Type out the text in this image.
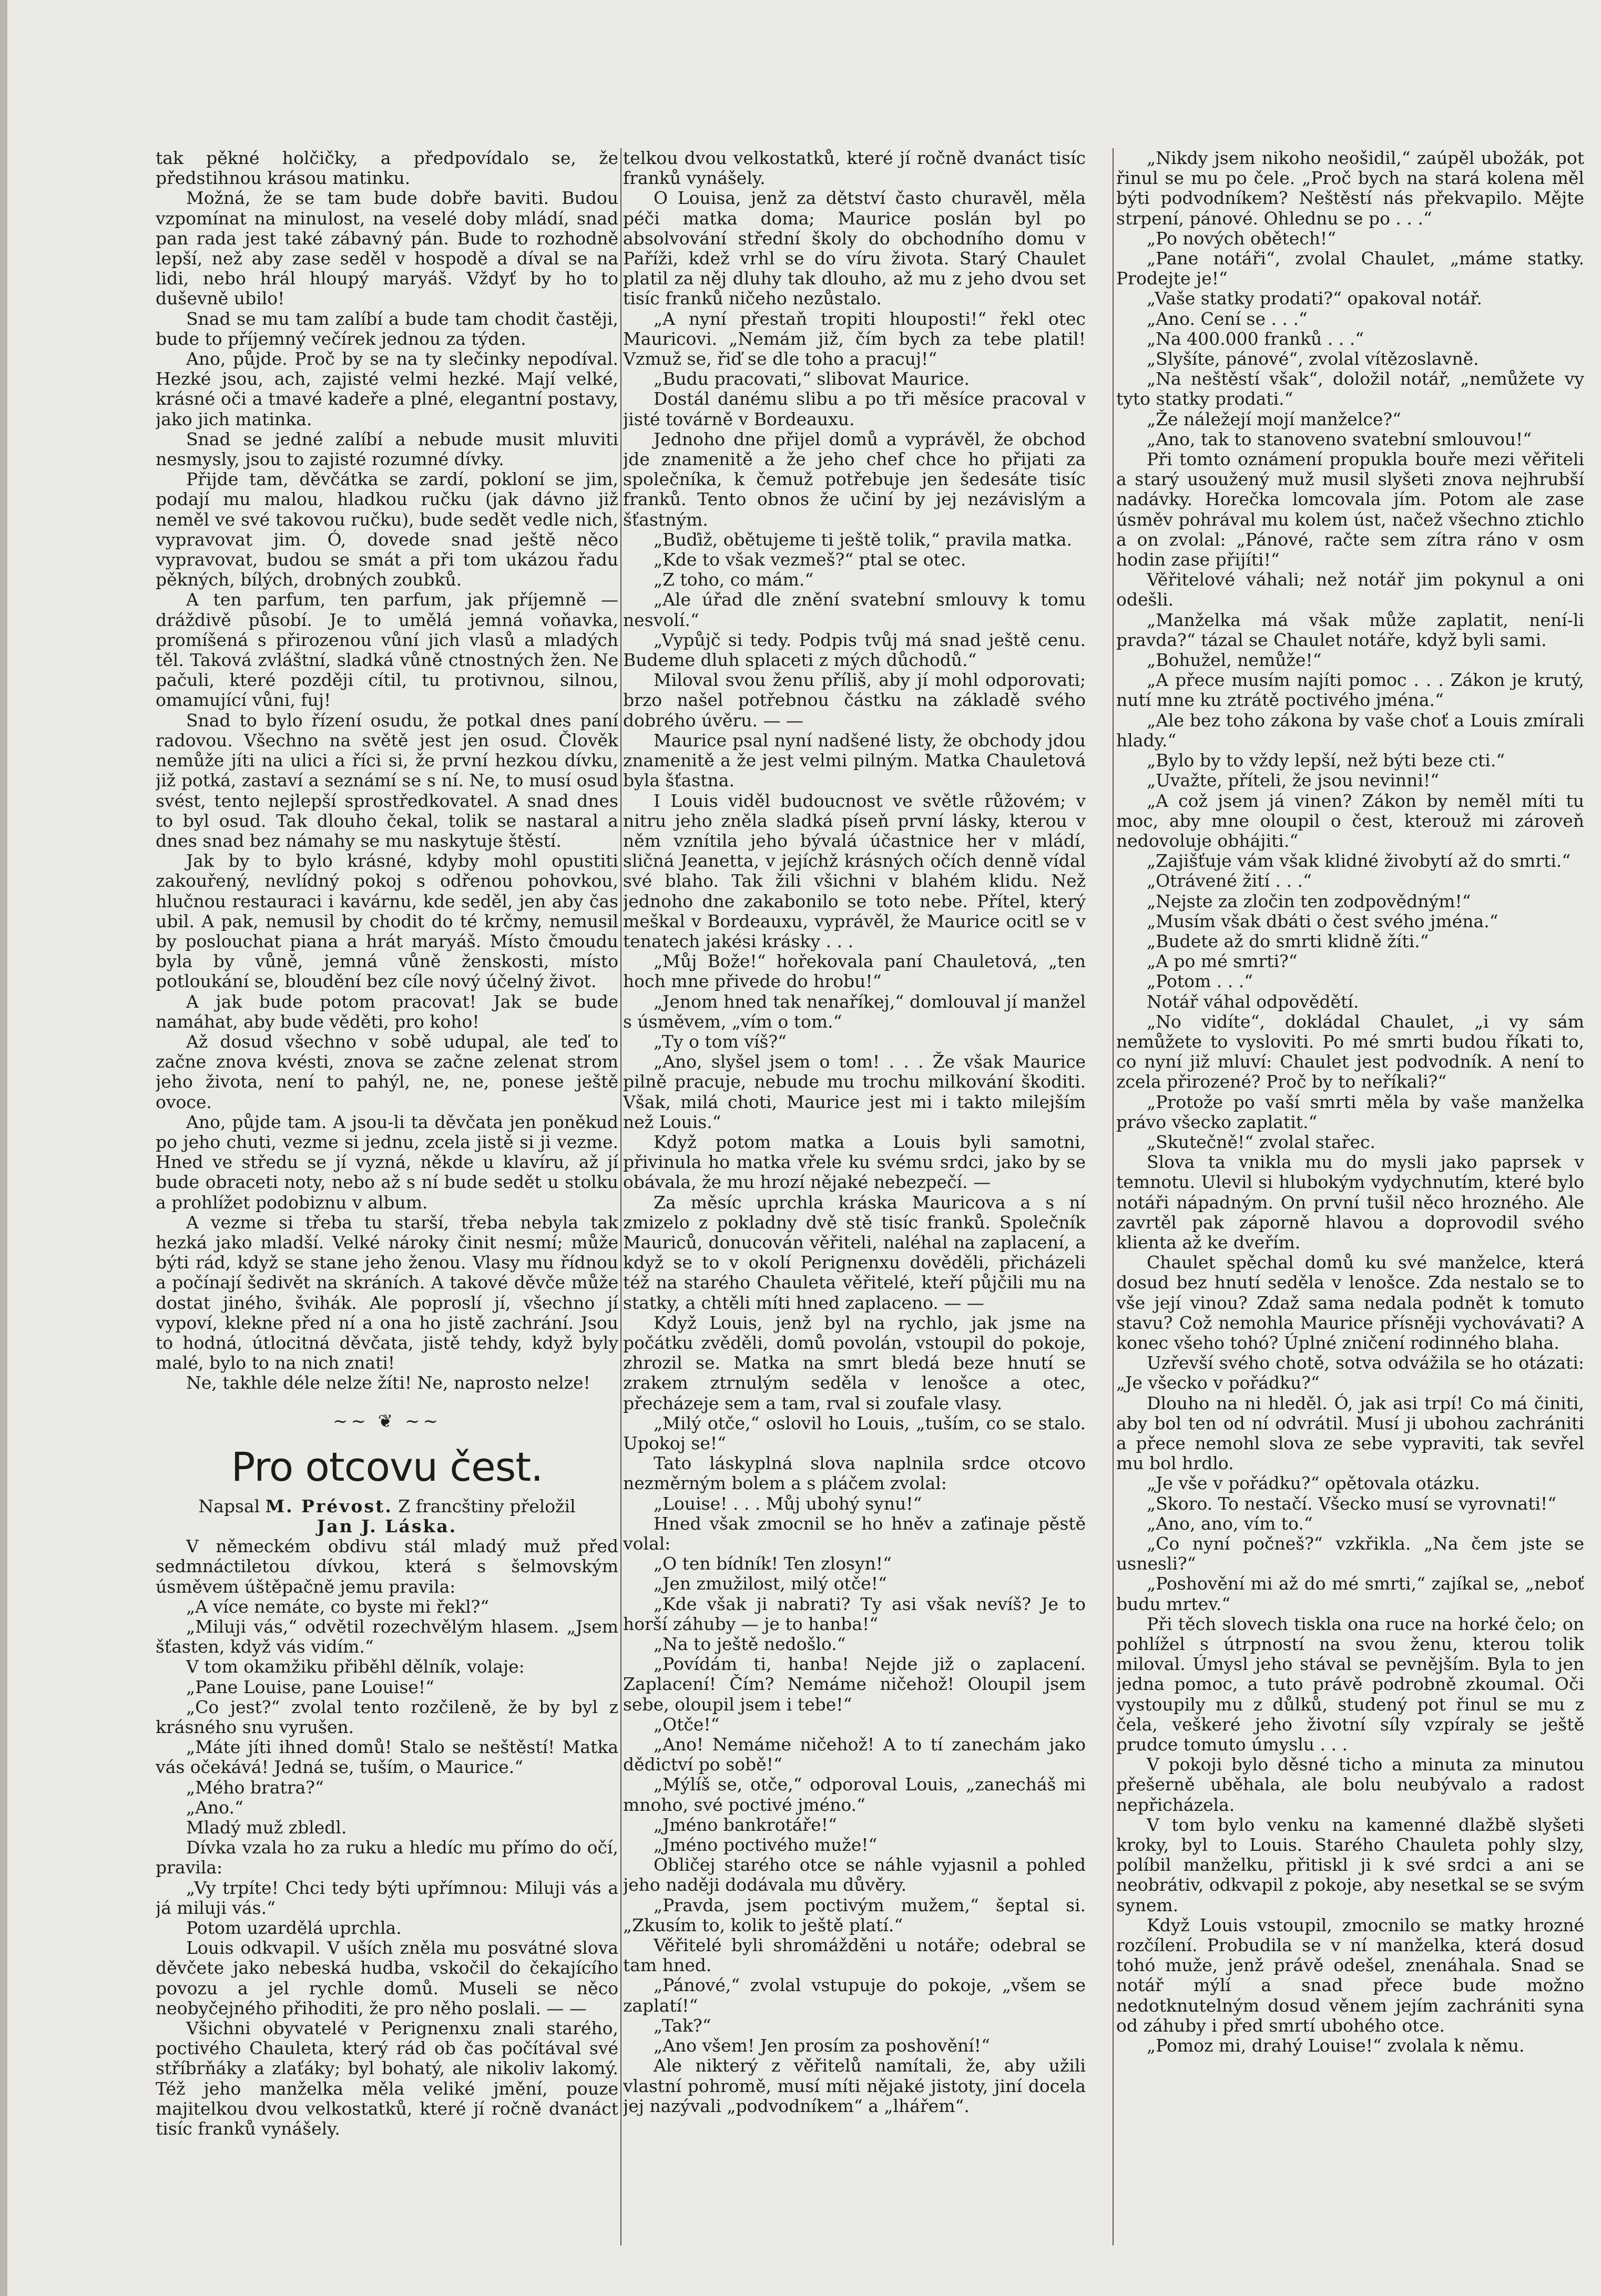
tak pěkné holčičky, a předpovídalo se, že předstihnou krásou matinku.

Možná, že se tam bude dobře baviti. Budou vzpomínat na minulost, na veselé doby mládí, snad pan rada jest také zábavný pán. Bude to rozhodně lepší, než aby zase seděl v hospodě a díval se na lidi, nebo hrál hloupý maryáš. Vždyť by ho to duševně ubilo!

Snad se mu tam zalíbí a bude tam chodit častěji, bude to příjemný večírek jednou za týden.

Ano, půjde. Proč by se na ty slečinky nepodíval. Hezké jsou, ach, zajisté velmi hezké. Mají velké, krásné oči a tmavé kadeře a plné, elegantní postavy, jako jich matinka.

Snad se jedné zalíbí a nebude musit mluviti nesmysly, jsou to zajisté rozumné dívky.

Přijde tam, děvčátka se zardí, pokloní se jim, podají mu malou, hladkou ručku (jak dávno již neměl ve své takovou ručku), bude sedět vedle nich, vypravovat jim. Ó, dovede snad ještě něco vypravovat, budou se smát a při tom ukázou řadu pěkných, bílých, drobných zoubků.

A ten parfum, ten parfum, jak příjemně — dráždivě působí. Je to umělá jemná voňavka, promíšená s přirozenou vůní jich vlasů a mladých těl. Taková zvláštní, sladká vůně ctnostných žen. Ne pačuli, které později cítil, tu protivnou, silnou, omamující vůni, fuj!

Snad to bylo řízení osudu, že potkal dnes paní radovou. Všechno na světě jest jen osud. Člověk nemůže jíti na ulici a říci si, že první hezkou dívku, již potká, zastaví a seznámí se s ní. Ne, to musí osud svést, tento nejlepší sprostředkovatel. A snad dnes to byl osud. Tak dlouho čekal, tolik se nastaral a dnes snad bez námahy se mu naskytuje štěstí.

Jak by to bylo krásné, kdyby mohl opustiti zakouřený, nevlídný pokoj s odřenou pohovkou, hlučnou restauraci i kavárnu, kde seděl, jen aby čas ubil. A pak, nemusil by chodit do té krčmy, nemusil by poslouchat piana a hrát maryáš. Místo čmoudu byla by vůně, jemná vůně ženskosti, místo potloukání se, bloudění bez cíle nový účelný život.

A jak bude potom pracovat! Jak se bude namáhat, aby bude věděti, pro koho!

Až dosud všechno v sobě udupal, ale teď to začne znova kvésti, znova se začne zelenat strom jeho života, není to pahýl, ne, ne, ponese ještě ovoce.

Ano, půjde tam. A jsou-li ta děvčata jen poněkud po jeho chuti, vezme si jednu, zcela jistě si ji vezme. Hned ve středu se jí vyzná, někde u klavíru, až jí bude obraceti noty, nebo až s ní bude sedět u stolku a prohlížet podobiznu v album.

A vezme si třeba tu starší, třeba nebyla tak hezká jako mladší. Velké nároky činit nesmí; může býti rád, když se stane jeho ženou. Vlasy mu řídnou a počínají šedivět na skráních. A takové děvče může dostat jiného, švihák. Ale poproslí jí, všechno jí vypoví, klekne před ní a ona ho jistě zachrání. Jsou to hodná, útlocitná děvčata, jistě tehdy, když byly malé, bylo to na nich znati!

Ne, takhle déle nelze žíti! Ne, naprosto nelze!

~~ ❦ ~~
Pro otcovu čest.

Napsal M. Prévost. Z francštiny přeložil
Jan J. Láska.

V německém obdivu stál mladý muž před sedmnáctiletou dívkou, která s šelmovským úsměvem úštěpačně jemu pravila:

„A více nemáte, co byste mi řekl?“

„Miluji vás,“ odvětil rozechvělým hlasem. „Jsem šťasten, když vás vidím.“

V tom okamžiku přiběhl dělník, volaje:

„Pane Louise, pane Louise!“

„Co jest?“ zvolal tento rozčileně, že by byl z krásného snu vyrušen.

„Máte jíti ihned domů! Stalo se neštěstí! Matka vás očekává! Jedná se, tuším, o Maurice.“

„Mého bratra?“

„Ano.“

Mladý muž zbledl.

Dívka vzala ho za ruku a hledíc mu přímo do očí, pravila:

„Vy trpíte! Chci tedy býti upřímnou: Miluji vás a já miluji vás.“

Potom uzardělá uprchla.

Louis odkvapil. V uších zněla mu posvátné slova děvčete jako nebeská hudba, vskočil do čekajícího povozu a jel rychle domů. Museli se něco neobyčejného přihoditi, že pro něho poslali. — —

Všichni obyvatelé v Perignenxu znali starého, poctivého Chauleta, který rád ob čas počítával své stříbrňáky a zlaťáky; byl bohatý, ale nikoliv lakomý. Též jeho manželka měla veliké jmění, pouze majitelkou dvou velkostatků, které jí ročně dvanáct tisíc franků vynášely.

telkou dvou velkostatků, které jí ročně dvanáct tisíc franků vynášely.

O Louisa, jenž za dětství často churavěl, měla péči matka doma; Maurice poslán byl po absolvování střední školy do obchodního domu v Paříži, kdež vrhl se do víru života. Starý Chaulet platil za něj dluhy tak dlouho, až mu z jeho dvou set tisíc franků ničeho nezůstalo.

„A nyní přestaň tropiti hlouposti!“ řekl otec Mauricovi. „Nemám již, čím bych za tebe platil! Vzmuž se, řiď se dle toho a pracuj!“

„Budu pracovati,“ slibovat Maurice.

Dostál danému slibu a po tři měsíce pracoval v jisté továrně v Bordeauxu.

Jednoho dne přijel domů a vyprávěl, že obchod jde znamenitě a že jeho chef chce ho přijati za společníka, k čemuž potřebuje jen šedesáte tisíc franků. Tento obnos že učiní by jej nezávislým a šťastným.

„Buďiž, obětujeme ti ještě tolik,“ pravila matka.

„Kde to však vezmeš?“ ptal se otec.

„Z toho, co mám.“

„Ale úřad dle znění svatební smlouvy k tomu nesvolí.“

„Vypůjč si tedy. Podpis tvůj má snad ještě cenu. Budeme dluh splaceti z mých důchodů.“

Miloval svou ženu příliš, aby jí mohl odporovati; brzo našel potřebnou částku na základě svého dobrého úvěru. — —

Maurice psal nyní nadšené listy, že obchody jdou znamenitě a že jest velmi pilným. Matka Chauletová byla šťastna.

I Louis viděl budoucnost ve světle růžovém; v nitru jeho zněla sladká píseň první lásky, kterou v něm vznítila jeho bývalá účastnice her v mládí, sličná Jeanetta, v jejíchž krásných očích denně vídal své blaho. Tak žili všichni v blahém klidu. Než jednoho dne zakabonilo se toto nebe. Přítel, který meškal v Bordeauxu, vyprávěl, že Maurice ocitl se v tenatech jakési krásky . . .

„Můj Bože!“ hořekovala paní Chauletová, „ten hoch mne přivede do hrobu!“

„Jenom hned tak nenaříkej,“ domlouval jí manžel s úsměvem, „vím o tom.“

„Ty o tom víš?“

„Ano, slyšel jsem o tom! . . . Že však Maurice pilně pracuje, nebude mu trochu milkování škoditi. Však, milá choti, Maurice jest mi i takto milejším než Louis.“

Když potom matka a Louis byli samotni, přivinula ho matka vřele ku svému srdci, jako by se obávala, že mu hrozí nějaké nebezpečí. —

Za měsíc uprchla kráska Mauricova a s ní zmizelo z pokladny dvě stě tisíc franků. Společník Mauriců, donucován věřiteli, naléhal na zaplacení, a když se to v okolí Perignenxu dověděli, přicházeli též na starého Chauleta věřitelé, kteří půjčili mu na statky, a chtěli míti hned zaplaceno. — —

Když Louis, jenž byl na rychlo, jak jsme na počátku zvěděli, domů povolán, vstoupil do pokoje, zhrozil se. Matka na smrt bledá beze hnutí se zrakem ztrnulým seděla v lenošce a otec, přecházeje sem a tam, rval si zoufale vlasy.

„Milý otče,“ oslovil ho Louis, „tuším, co se stalo. Upokoj se!“

Tato láskyplná slova naplnila srdce otcovo nezměrným bolem a s pláčem zvolal:

„Louise! . . . Můj ubohý synu!“

Hned však zmocnil se ho hněv a zaťinaje pěstě volal:

„O ten bídník! Ten zlosyn!“

„Jen zmužilost, milý otče!“

„Kde však ji nabrati? Ty asi však nevíš? Je to horší záhuby — je to hanba!“

„Na to ještě nedošlo.“

„Povídám ti, hanba! Nejde již o zaplacení. Zaplacení! Čím? Nemáme ničehož! Oloupil jsem sebe, oloupil jsem i tebe!“

„Otče!“

„Ano! Nemáme ničehož! A to tí zanechám jako dědictví po sobě!“

„Mýlíš se, otče,“ odporoval Louis, „zanecháš mi mnoho, své poctivé jméno.“

„Jméno bankrotáře!“

„Jméno poctivého muže!“

Obličej starého otce se náhle vyjasnil a pohled jeho naději dodávala mu důvěry.

„Pravda, jsem poctivým mužem,“ šeptal si. „Zkusím to, kolik to ještě platí.“

Věřitelé byli shromážděni u notáře; odebral se tam hned.

„Pánové,“ zvolal vstupuje do pokoje, „všem se zaplatí!“

„Tak?“

„Ano všem! Jen prosím za poshovění!“

Ale nikterý z věřitelů namítali, že, aby užili vlastní pohromě, musí míti nějaké jistoty, jiní docela jej nazývali „podvodníkem“ a „lhářem“.

„Nikdy jsem nikoho neošidil,“ zaúpěl ubožák, pot řinul se mu po čele. „Proč bych na stará kolena měl býti podvodníkem? Neštěstí nás překvapilo. Mějte strpení, pánové. Ohlednu se po . . .“

„Po nových obětech!“

„Pane notáři“, zvolal Chaulet, „máme statky. Prodejte je!“

„Vaše statky prodati?“ opakoval notář.

„Ano. Cení se . . .“

„Na 400.000 franků . . .“

„Slyšíte, pánové“, zvolal vítězoslavně.

„Na neštěstí však“, doložil notář, „nemůžete vy tyto statky prodati.“

„Že náležejí mojí manželce?“

„Ano, tak to stanoveno svatební smlouvou!“

Při tomto oznámení propukla bouře mezi věřiteli a starý usoužený muž musil slyšeti znova nejhrubší nadávky. Horečka lomcovala jím. Potom ale zase úsměv pohrával mu kolem úst, načež všechno ztichlo a on zvolal: „Pánové, račte sem zítra ráno v osm hodin zase přijíti!“

Věřitelové váhali; než notář jim pokynul a oni odešli.

„Manželka má však může zaplatit, není-li pravda?“ tázal se Chaulet notáře, když byli sami.

„Bohužel, nemůže!“

„A přece musím najíti pomoc . . . Zákon je krutý, nutí mne ku ztrátě poctivého jména.“

„Ale bez toho zákona by vaše choť a Louis zmírali hlady.“

„Bylo by to vždy lepší, než býti beze cti.“

„Uvažte, příteli, že jsou nevinni!“

„A což jsem já vinen? Zákon by neměl míti tu moc, aby mne oloupil o čest, kterouž mi zároveň nedovoluje obhájiti.“

„Zajišťuje vám však klidné živobytí až do smrti.“

„Otrávené žití . . .“

„Nejste za zločin ten zodpovědným!“

„Musím však dbáti o čest svého jména.“

„Budete až do smrti klidně žíti.“

„A po mé smrti?“

„Potom . . .“

Notář váhal odpovědětí.

„No vidíte“, dokládal Chaulet, „i vy sám nemůžete to vysloviti. Po mé smrti budou říkati to, co nyní již mluví: Chaulet jest podvodník. A není to zcela přirozené? Proč by to neříkali?“

„Protože po vaší smrti měla by vaše manželka právo všecko zaplatit.“

„Skutečně!“ zvolal stařec.

Slova ta vnikla mu do mysli jako paprsek v temnotu. Ulevil si hlubokým vydychnutím, které bylo notáři nápadným. On první tušil něco hrozného. Ale zavrtěl pak záporně hlavou a doprovodil svého klienta až ke dveřím.

Chaulet spěchal domů ku své manželce, která dosud bez hnutí seděla v lenošce. Zda nestalo se to vše její vinou? Zdaž sama nedala podnět k tomuto stavu? Což nemohla Maurice přísněji vychovávati? A konec všeho tohó? Úplné zničení rodinného blaha.

Uzřevší svého chotě, sotva odvážila se ho otázati: „Je všecko v pořádku?“

Dlouho na ni hleděl. Ó, jak asi trpí! Co má činiti, aby bol ten od ní odvrátil. Musí ji ubohou zachrániti a přece nemohl slova ze sebe vypraviti, tak sevřel mu bol hrdlo.

„Je vše v pořádku?“ opětovala otázku.

„Skoro. To nestačí. Všecko musí se vyrovnati!“

„Ano, ano, vím to.“

„Co nyní počneš?“ vzkřikla. „Na čem jste se usnesli?“

„Poshovění mi až do mé smrti,“ zajíkal se, „neboť budu mrtev.“

Při těch slovech tiskla ona ruce na horké čelo; on pohlížel s útrpností na svou ženu, kterou tolik miloval. Úmysl jeho stával se pevnějším. Byla to jen jedna pomoc, a tuto právě podrobně zkoumal. Oči vystoupily mu z důlků, studený pot řinul se mu z čela, veškeré jeho životní síly vzpíraly se ještě prudce tomuto úmyslu . . .

V pokoji bylo děsné ticho a minuta za minutou přešerně uběhala, ale bolu neubývalo a radost nepřicházela.

V tom bylo venku na kamenné dlažbě slyšeti kroky, byl to Louis. Starého Chauleta pohly slzy, políbil manželku, přitiskl ji k své srdci a ani se neobrátiv, odkvapil z pokoje, aby nesetkal se se svým synem.

Když Louis vstoupil, zmocnilo se matky hrozné rozčílení. Probudila se v ní manželka, která dosud tohó muže, jenž právě odešel, znenáhala. Snad se notář mýlí a snad přece bude možno nedotknutelným dosud věnem jejím zachrániti syna od záhuby i před smrtí ubohého otce.

„Pomoz mi, drahý Louise!“ zvolala k němu.
